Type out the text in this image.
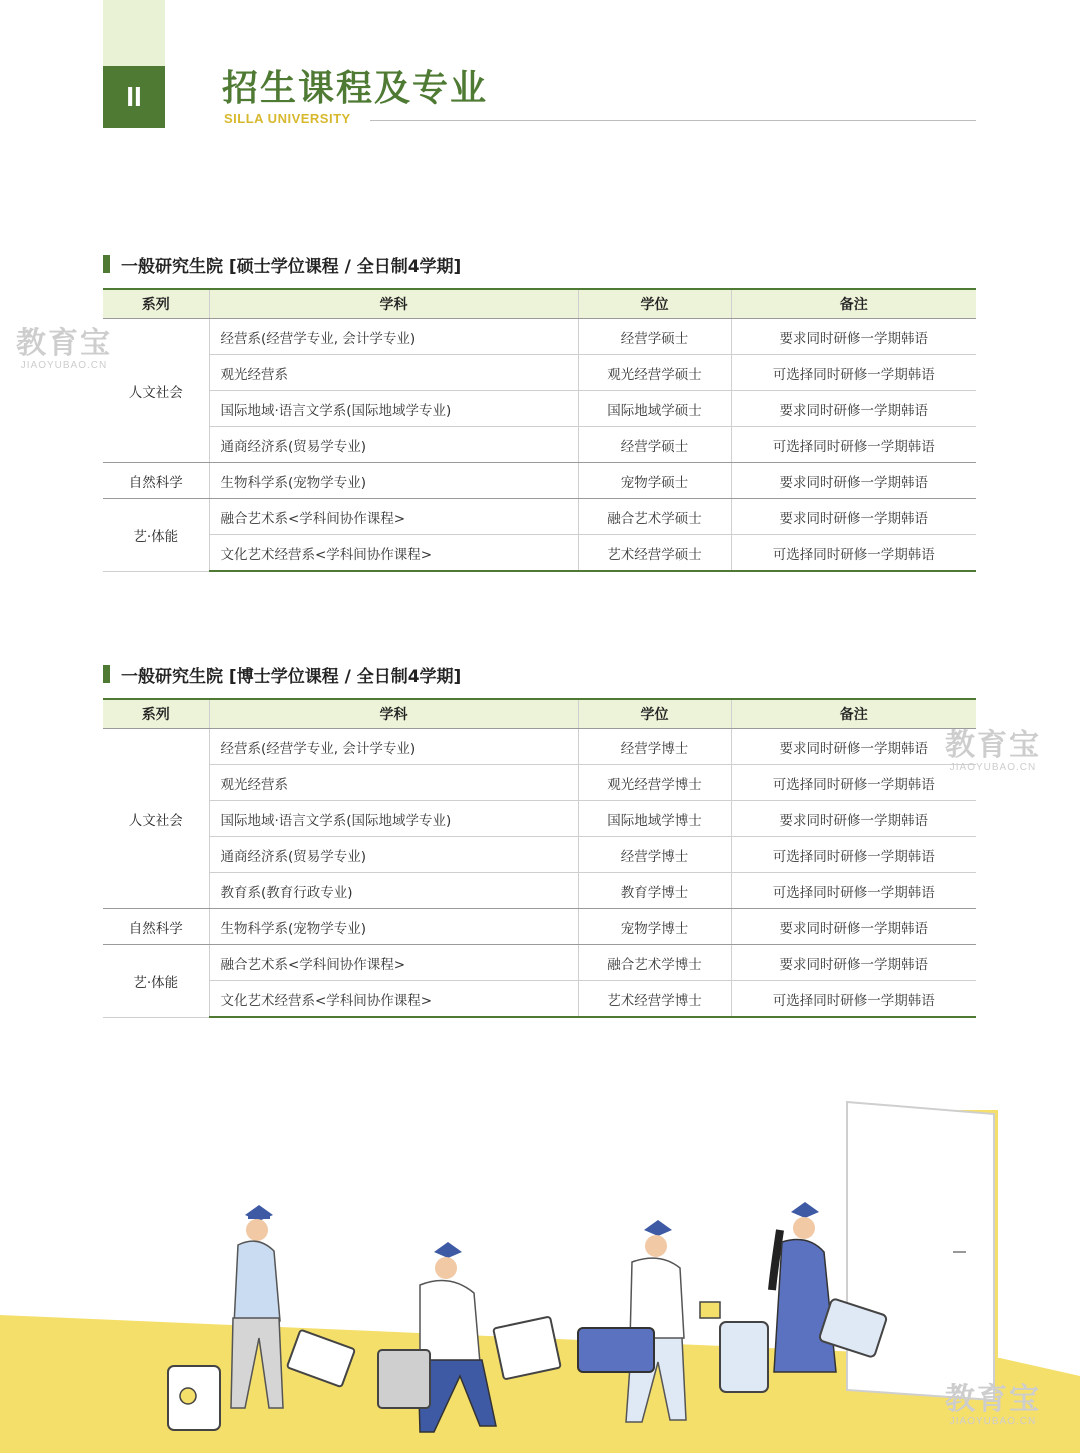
II	招生课程及专业
SILLA UNIVERSITY
一般研究生院 [硕士学位课程 / 全日制4学期]
系列	学科	学位	备注
人文社会	经营系(经营学专业, 会计学专业)	经营学硕士	要求同时研修一学期韩语
	观光经营系	观光经营学硕士	可选择同时研修一学期韩语
	国际地域·语言文学系(国际地域学专业)	国际地域学硕士	要求同时研修一学期韩语
	通商经济系(贸易学专业)	经营学硕士	可选择同时研修一学期韩语
自然科学	生物科学系(宠物学专业)	宠物学硕士	要求同时研修一学期韩语
艺·体能	融合艺术系<学科间协作课程>	融合艺术学硕士	要求同时研修一学期韩语
	文化艺术经营系<学科间协作课程>	艺术经营学硕士	可选择同时研修一学期韩语
一般研究生院 [博士学位课程 / 全日制4学期]
系列	学科	学位	备注
人文社会	经营系(经营学专业, 会计学专业)	经营学博士	要求同时研修一学期韩语
	观光经营系	观光经营学博士	可选择同时研修一学期韩语
	国际地域·语言文学系(国际地域学专业)	国际地域学博士	要求同时研修一学期韩语
	通商经济系(贸易学专业)	经营学博士	可选择同时研修一学期韩语
	教育系(教育行政专业)	教育学博士	可选择同时研修一学期韩语
自然科学	生物科学系(宠物学专业)	宠物学博士	要求同时研修一学期韩语
艺·体能	融合艺术系<学科间协作课程>	融合艺术学博士	要求同时研修一学期韩语
	文化艺术经营系<学科间协作课程>	艺术经营学博士	可选择同时研修一学期韩语
教育宝
JIAOYUBAO.CN
教育宝
JIAOYUBAO.CN
教育宝
JIAOYUBAO.CN
